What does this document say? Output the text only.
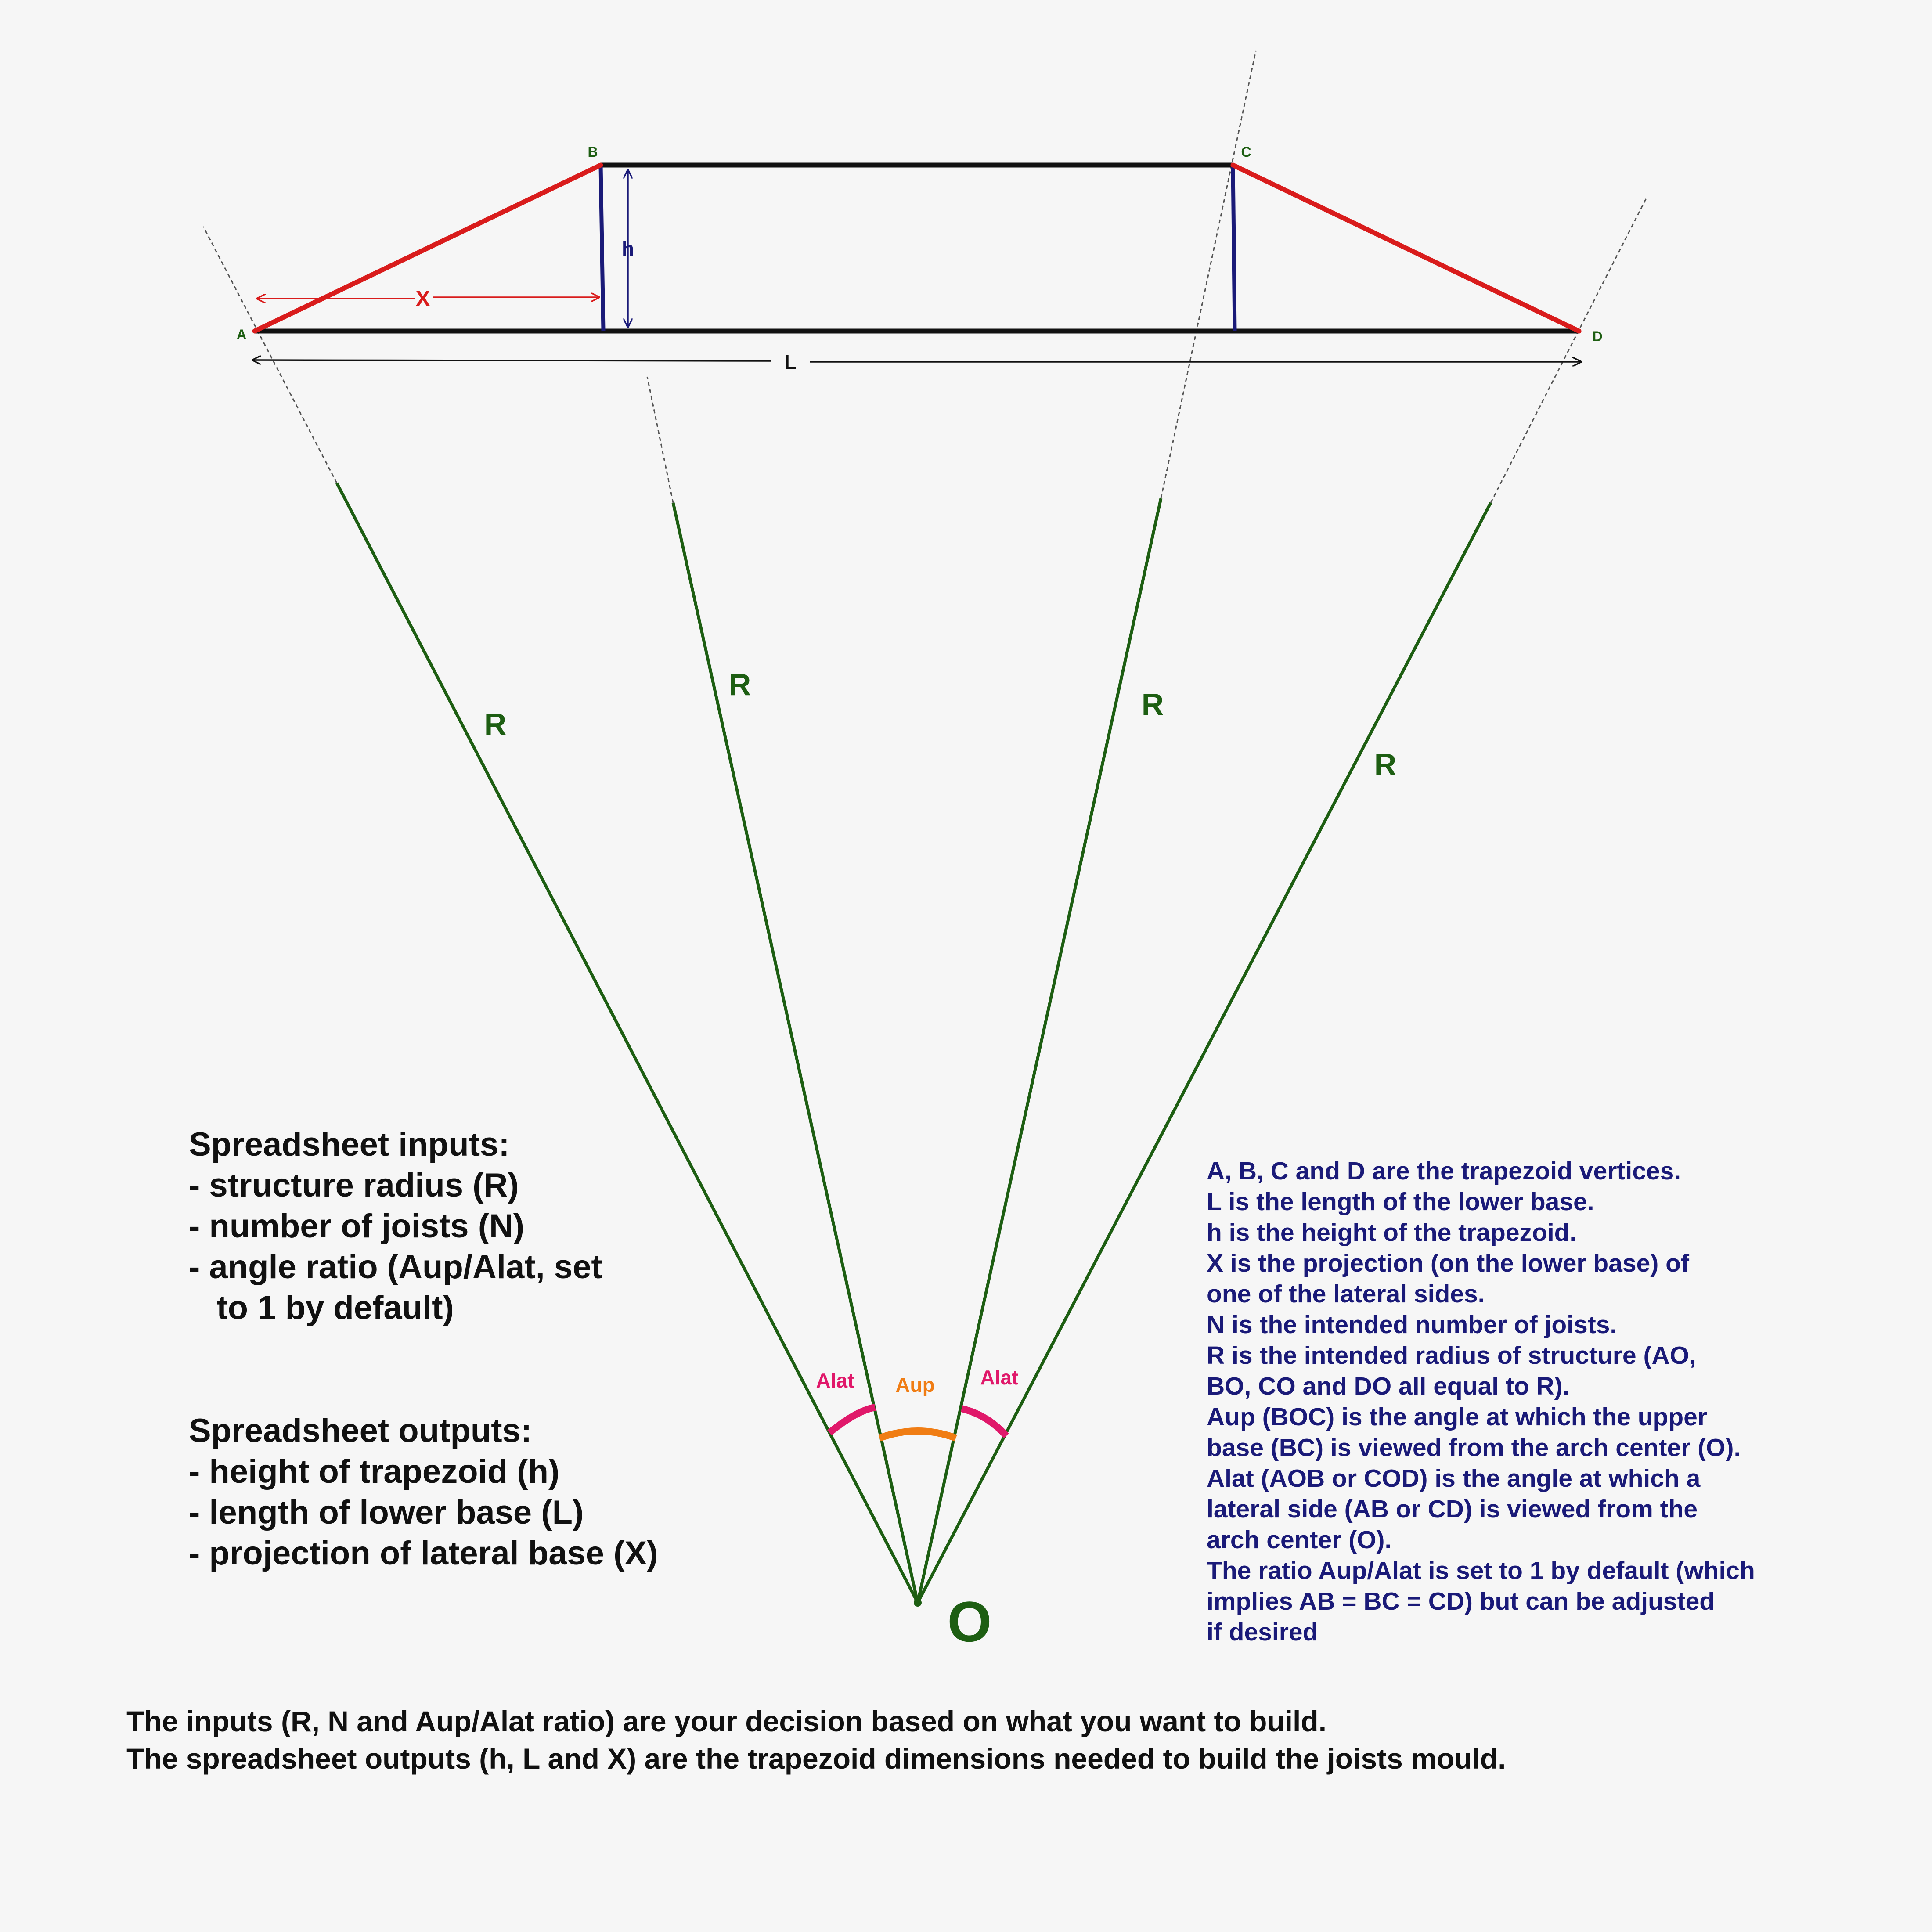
h
X
L
A
B	C
D
O
R
R
R
R
Alat Aup Alat
Spreadsheet inputs:
- structure radius (R)
- number of joists (N)
- angle ratio (Aup/Alat, set
to 1 by default)
Spreadsheet outputs:
- height of trapezoid (h)
- length of lower base (L)
- projection of lateral base (X)
A, B, C and D are the trapezoid vertices.
L is the length of the lower base.
h is the height of the trapezoid.
X is the projection (on the lower base) of
one of the lateral sides.
N is the intended number of joists.
R is the intended radius of structure (AO,
BO, CO and DO all equal to R).
Aup (BOC) is the angle at which the upper
base (BC) is viewed from the arch center (O).
Alat (AOB or COD) is the angle at which a
lateral side (AB or CD) is viewed from the
arch center (O).
The ratio Aup/Alat is set to 1 by default (which
implies AB = BC = CD) but can be adjusted
if desired
The inputs (R, N and Aup/Alat ratio) are your decision based on what you want to build.
The spreadsheet outputs (h, L and X) are the trapezoid dimensions needed to build the joists mould.
